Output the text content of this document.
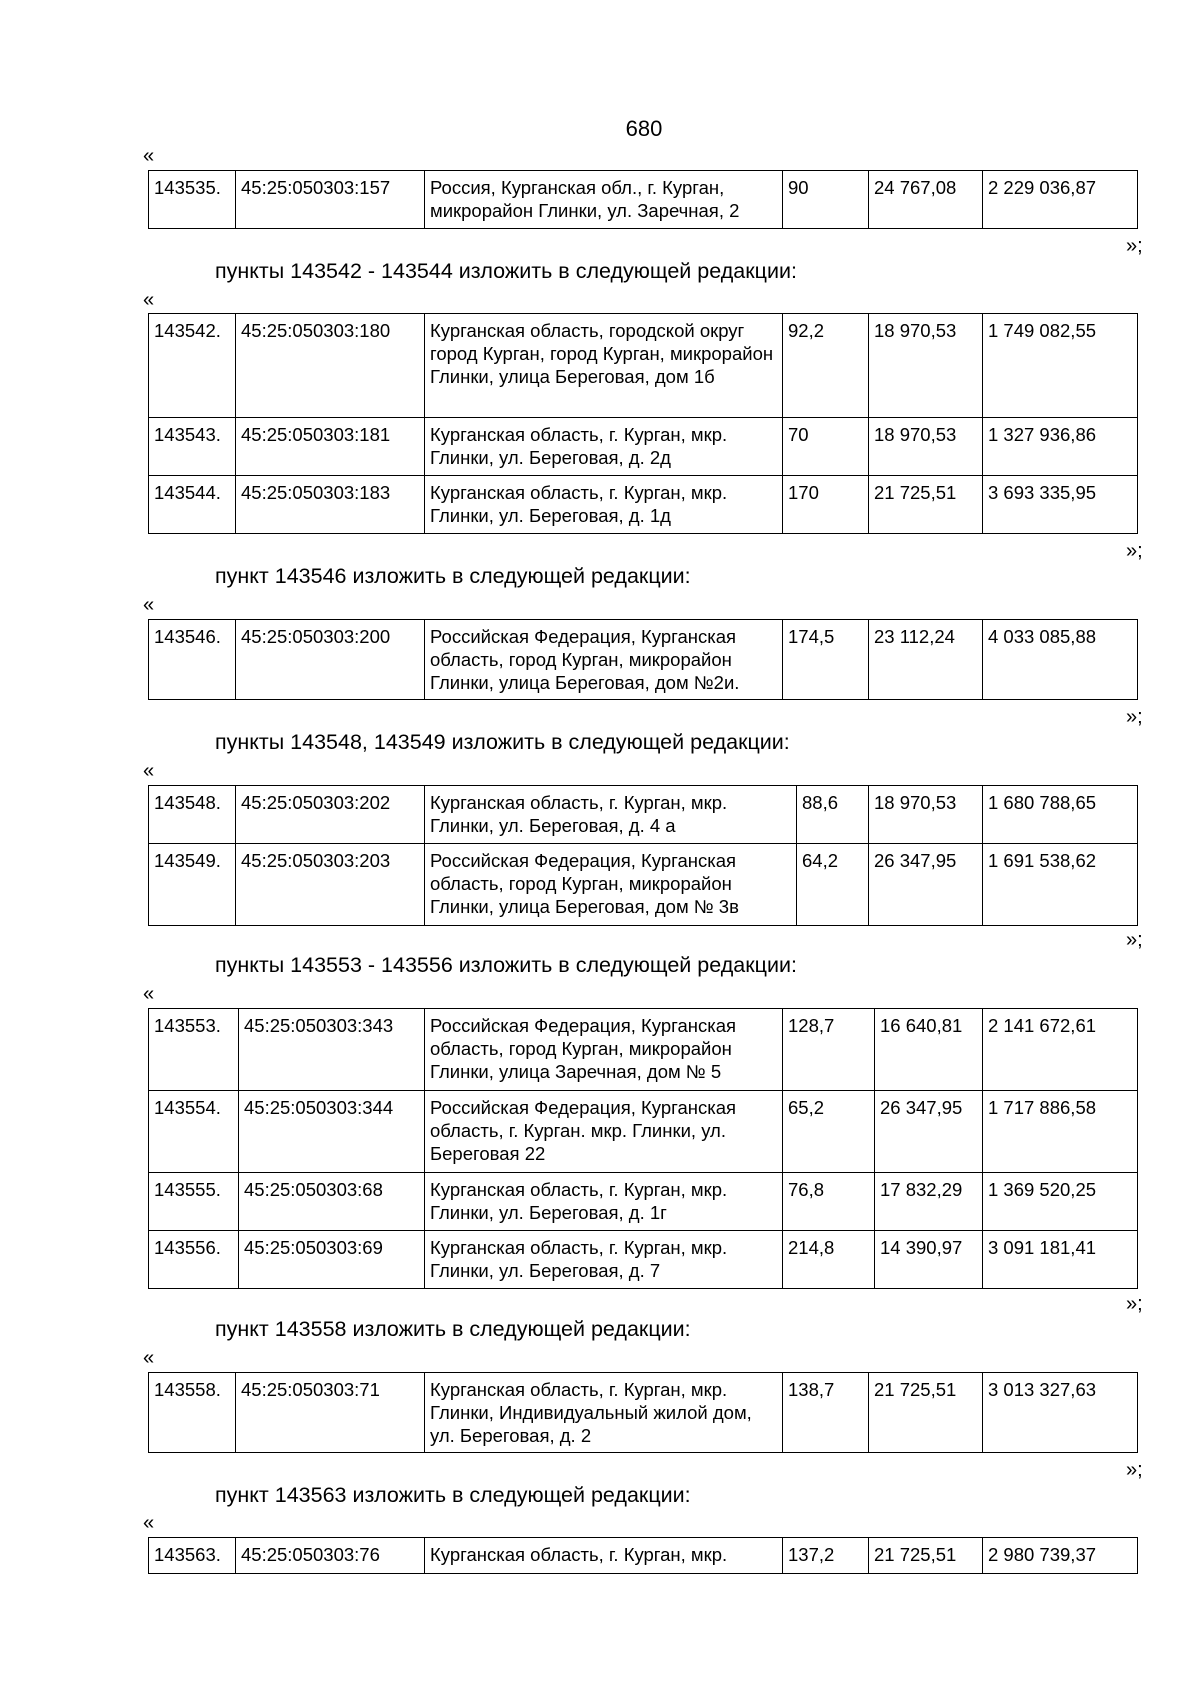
680
«
143535.	45:25:050303:157	Россия, Курганская обл., г. Курган, микрорайон Глинки, ул. Заречная, 2	90	24 767,08	2 229 036,87
»;
пункты 143542 - 143544 изложить в следующей редакции:
«
143542.	45:25:050303:180	Курганская область, городской округ город Курган, город Курган, микрорайон Глинки, улица Береговая, дом 1б	92,2	18 970,53	1 749 082,55
143543.	45:25:050303:181	Курганская область, г. Курган, мкр. Глинки, ул. Береговая, д. 2д	70	18 970,53	1 327 936,86
143544.	45:25:050303:183	Курганская область, г. Курган, мкр. Глинки, ул. Береговая, д. 1д	170	21 725,51	3 693 335,95
»;
пункт 143546 изложить в следующей редакции:
«
143546.	45:25:050303:200	Российская Федерация, Курганская область, город Курган, микрорайон Глинки, улица Береговая, дом №2и.	174,5	23 112,24	4 033 085,88
»;
пункты 143548, 143549 изложить в следующей редакции:
«
143548.	45:25:050303:202	Курганская область, г. Курган, мкр. Глинки, ул. Береговая, д. 4 а	88,6	18 970,53	1 680 788,65
143549.	45:25:050303:203	Российская Федерация, Курганская область, город Курган, микрорайон Глинки, улица Береговая, дом № 3в	64,2	26 347,95	1 691 538,62
»;
пункты 143553 - 143556 изложить в следующей редакции:
«
143553.	45:25:050303:343	Российская Федерация, Курганская область, город Курган, микрорайон Глинки, улица Заречная, дом № 5	128,7	16 640,81	2 141 672,61
143554.	45:25:050303:344	Российская Федерация, Курганская область, г. Курган. мкр. Глинки, ул. Береговая 22	65,2	26 347,95	1 717 886,58
143555.	45:25:050303:68	Курганская область, г. Курган, мкр. Глинки, ул. Береговая, д. 1г	76,8	17 832,29	1 369 520,25
143556.	45:25:050303:69	Курганская область, г. Курган, мкр. Глинки, ул. Береговая, д. 7	214,8	14 390,97	3 091 181,41
»;
пункт 143558 изложить в следующей редакции:
«
143558.	45:25:050303:71	Курганская область, г. Курган, мкр. Глинки, Индивидуальный жилой дом, ул. Береговая, д. 2	138,7	21 725,51	3 013 327,63
»;
пункт 143563 изложить в следующей редакции:
«
143563.	45:25:050303:76	Курганская область, г. Курган, мкр.	137,2	21 725,51	2 980 739,37
